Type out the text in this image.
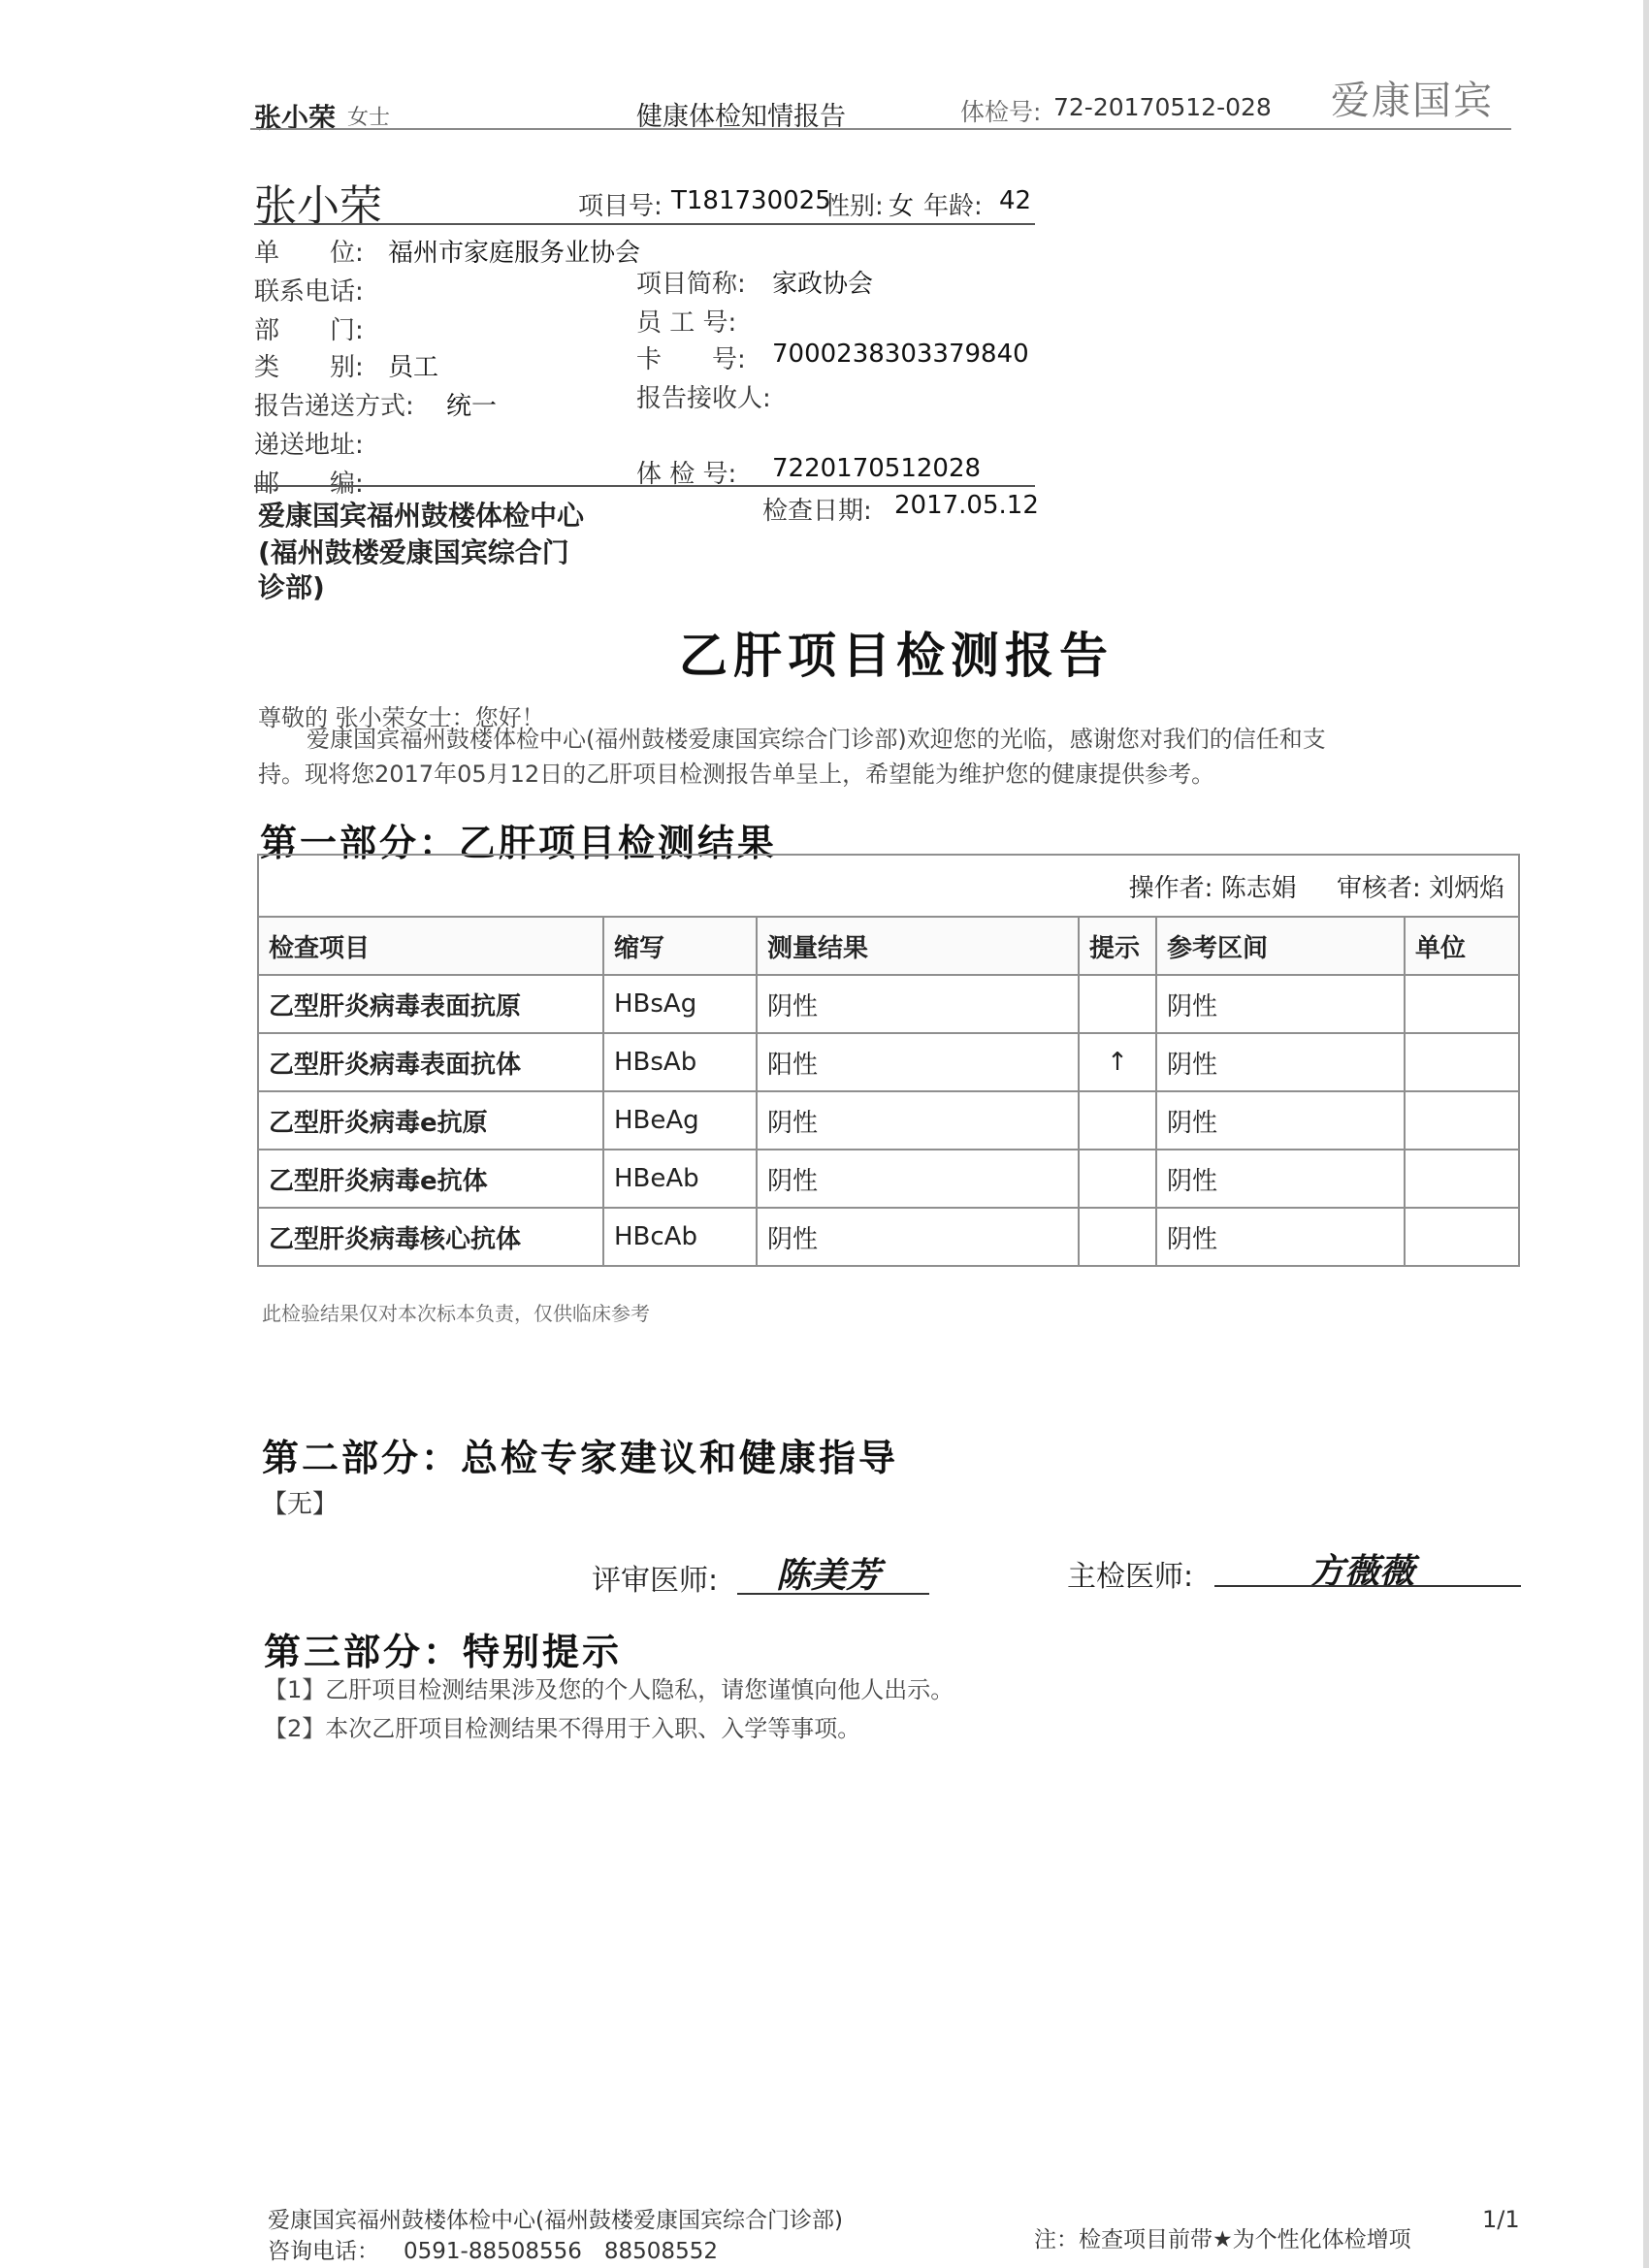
张小荣 女士	健康体检知情报告	体检号: 72-20170512-028 爱康国宾
张小荣	项目号: T181730025
性别: 女 年龄: 42
单　　位: 福州市家庭服务业协会
联系电话:
部　　门:
类　　别: 员工
报告递送方式: 统一
递送地址:
邮　　编:
项目简称: 家政协会
员 工 号:
卡　　号: 7000238303379840
报告接收人:
体 检 号: 7220170512028
检查日期: 2017.05.12
爱康国宾福州鼓楼体检中心
(福州鼓楼爱康国宾综合门
诊部)
乙肝项目检测报告
尊敬的 张小荣女士：您好！
爱康国宾福州鼓楼体检中心(福州鼓楼爱康国宾综合门诊部)欢迎您的光临，感谢您对我们的信任和支
持。现将您2017年05月12日的乙肝项目检测报告单呈上，希望能为维护您的健康提供参考。
第一部分：乙肝项目检测结果
操作者: 陈志娟 审核者: 刘炳焰					
检查项目	缩写	测量结果	提示	参考区间	单位
乙型肝炎病毒表面抗原	HBsAg	阴性		阴性	
乙型肝炎病毒表面抗体	HBsAb	阳性	↑	阴性	
乙型肝炎病毒e抗原	HBeAg	阴性		阴性	
乙型肝炎病毒e抗体	HBeAb	阴性		阴性	
乙型肝炎病毒核心抗体	HBcAb	阴性		阴性	
此检验结果仅对本次标本负责，仅供临床参考
第二部分：总检专家建议和健康指导
【无】
评审医师: 陈美芳	主检医师:	方薇薇
第三部分：特别提示
【1】乙肝项目检测结果涉及您的个人隐私，请您谨慎向他人出示。
【2】本次乙肝项目检测结果不得用于入职、入学等事项。
爱康国宾福州鼓楼体检中心(福州鼓楼爱康国宾综合门诊部)
咨询电话： 0591-88508556　88508552	注：检查项目前带★为个性化体检增项
1/1
